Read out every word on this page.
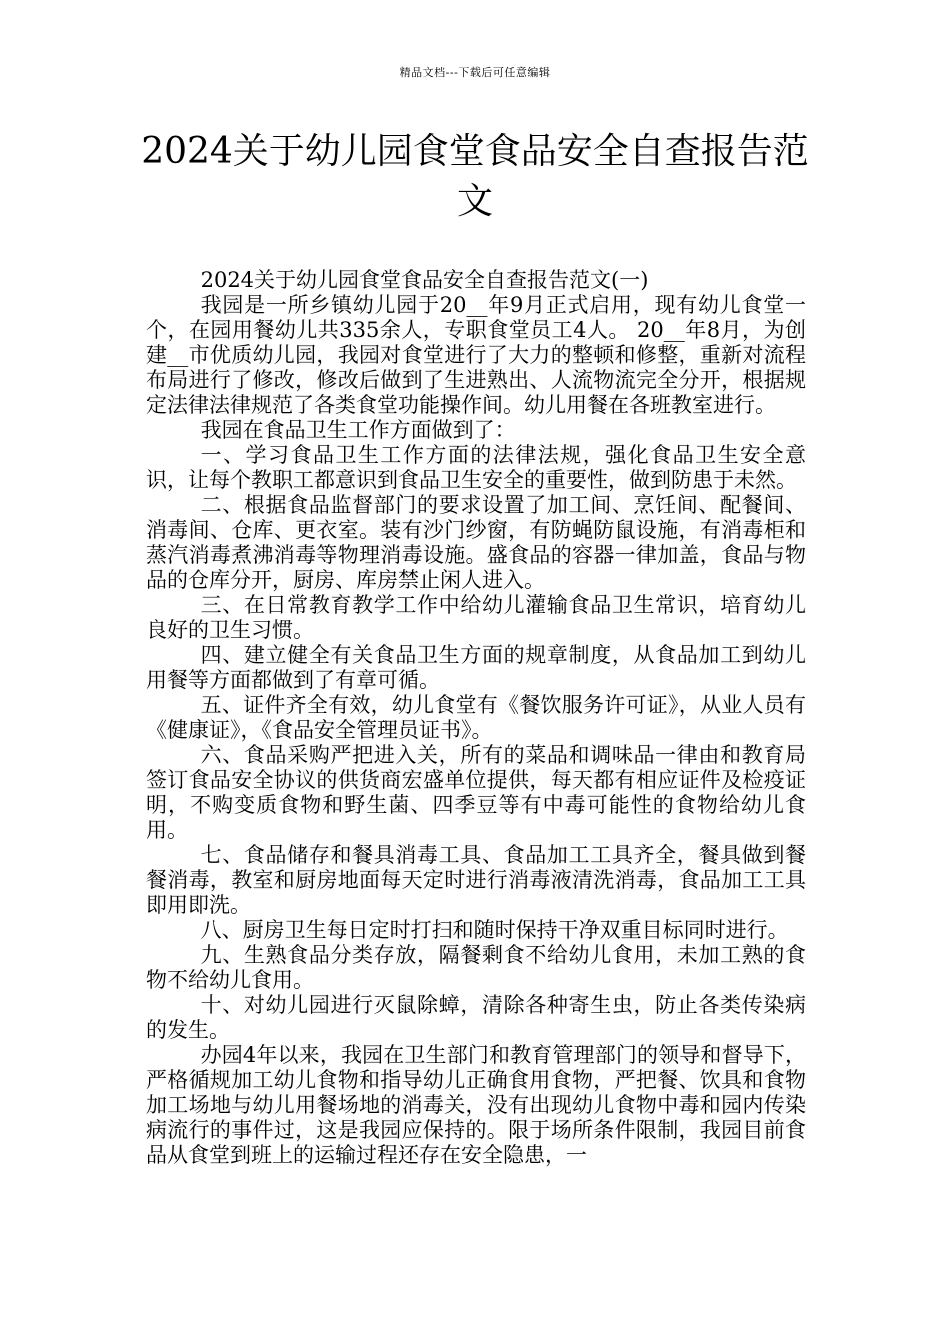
精品文档---下载后可任意编辑
2024关于幼儿园食堂食品安全自查报告范文

2024关于幼儿园食堂食品安全自查报告范文(一)

我园是一所乡镇幼儿园于20__年9月正式启用，现有幼儿食堂一个，在园用餐幼儿共335余人，专职食堂员工4人。 20__年8月，为创建__市优质幼儿园，我园对食堂进行了大力的整顿和修整，重新对流程布局进行了修改，修改后做到了生进熟出、人流物流完全分开，根据规定法律法律规范了各类食堂功能操作间。幼儿用餐在各班教室进行。

我园在食品卫生工作方面做到了：

一、学习食品卫生工作方面的法律法规，强化食品卫生安全意识，让每个教职工都意识到食品卫生安全的重要性，做到防患于未然。

二、根据食品监督部门的要求设置了加工间、烹饪间、配餐间、消毒间、仓库、更衣室。装有沙门纱窗，有防蝇防鼠设施，有消毒柜和蒸汽消毒煮沸消毒等物理消毒设施。盛食品的容器一律加盖，食品与物品的仓库分开，厨房、库房禁止闲人进入。

三、在日常教育教学工作中给幼儿灌输食品卫生常识，培育幼儿良好的卫生习惯。

四、建立健全有关食品卫生方面的规章制度，从食品加工到幼儿用餐等方面都做到了有章可循。

五、证件齐全有效，幼儿食堂有《餐饮服务许可证》，从业人员有《健康证》，《食品安全管理员证书》。

六、食品采购严把进入关，所有的菜品和调味品一律由和教育局签订食品安全协议的供货商宏盛单位提供，每天都有相应证件及检疫证明，不购变质食物和野生菌、四季豆等有中毒可能性的食物给幼儿食用。

七、食品储存和餐具消毒工具、食品加工工具齐全，餐具做到餐餐消毒，教室和厨房地面每天定时进行消毒液清洗消毒，食品加工工具即用即洗。

八、厨房卫生每日定时打扫和随时保持干净双重目标同时进行。

九、生熟食品分类存放，隔餐剩食不给幼儿食用，未加工熟的食物不给幼儿食用。

十、对幼儿园进行灭鼠除蟑，清除各种寄生虫，防止各类传染病的发生。

办园4年以来，我园在卫生部门和教育管理部门的领导和督导下，严格循规加工幼儿食物和指导幼儿正确食用食物，严把餐、饮具和食物加工场地与幼儿用餐场地的消毒关，没有出现幼儿食物中毒和园内传染病流行的事件过，这是我园应保持的。限于场所条件限制，我园目前食品从食堂到班上的运输过程还存在安全隐患，一
